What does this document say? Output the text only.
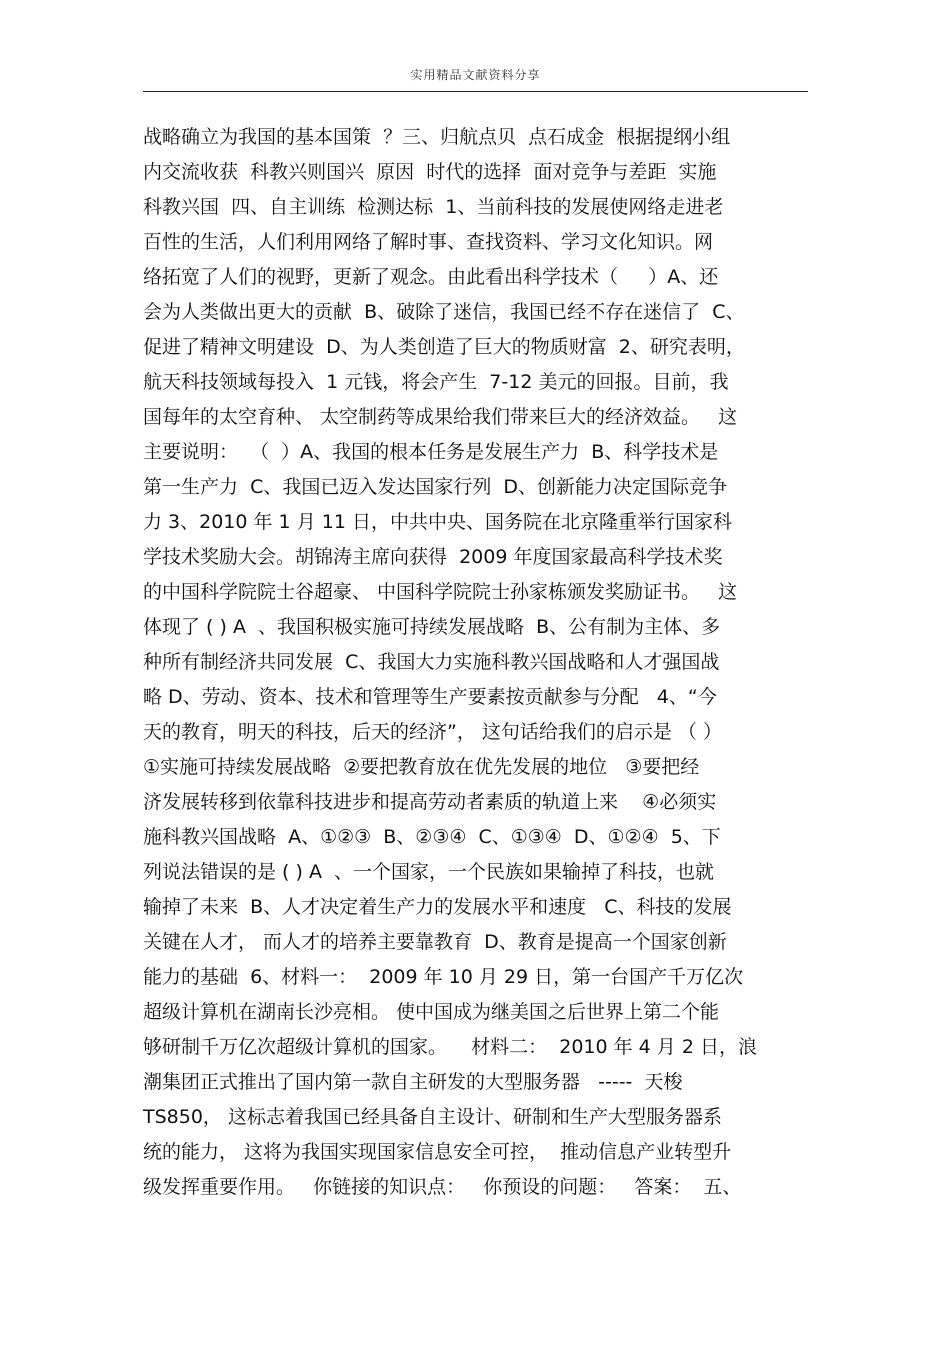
实用精品文献资料分享
战略确立为我国的基本国策  ？三、归航点贝  点石成金  根据提纲小组
内交流收获  科教兴则国兴  原因  时代的选择  面对竞争与差距  实施
科教兴国  四、自主训练  检测达标  1、当前科技的发展使网络走进老
百性的生活，人们利用网络了解时事、查找资料、学习文化知识。网
络拓宽了人们的视野，更新了观念。由此看出科学技术（     ）A、还
会为人类做出更大的贡献  B、破除了迷信，我国已经不存在迷信了  C、
促进了精神文明建设  D、为人类创造了巨大的物质财富  2、研究表明，
航天科技领域每投入  1 元钱，将会产生  7-12 美元的回报。目前，我
国每年的太空育种、 太空制药等成果给我们带来巨大的经济效益。   这
主要说明：  （  ）A、我国的根本任务是发展生产力  B、科学技术是
第一生产力  C、我国已迈入发达国家行列  D、创新能力决定国际竞争
力 3、2010 年 1 月 11 日，中共中央、国务院在北京隆重举行国家科
学技术奖励大会。胡锦涛主席向获得  2009 年度国家最高科学技术奖
的中国科学院院士谷超豪、 中国科学院院士孙家栋颁发奖励证书。   这
体现了 ( ) A  、我国积极实施可持续发展战略  B、公有制为主体、多
种所有制经济共同发展  C、我国大力实施科教兴国战略和人才强国战
略 D、劳动、资本、技术和管理等生产要素按贡献参与分配   4、“今
天的教育，明天的科技，后天的经济”， 这句话给我们的启示是 （ ）
①实施可持续发展战略  ②要把教育放在优先发展的地位   ③要把经
济发展转移到依靠科技进步和提高劳动者素质的轨道上来    ④必须实
施科教兴国战略  A、①②③  B、②③④  C、①③④  D、①②④  5、下
列说法错误的是 ( ) A  、一个国家，一个民族如果输掉了科技，也就
输掉了未来  B、人才决定着生产力的发展水平和速度   C、科技的发展
关键在人才， 而人才的培养主要靠教育  D、教育是提高一个国家创新
能力的基础  6、材料一：  2009 年 10 月 29 日，第一台国产千万亿次
超级计算机在湖南长沙亮相。 使中国成为继美国之后世界上第二个能
够研制千万亿次超级计算机的国家。    材料二：  2010 年 4 月 2 日，浪
潮集团正式推出了国内第一款自主研发的大型服务器   -----  天梭
TS850， 这标志着我国已经具备自主设计、研制和生产大型服务器系
统的能力， 这将为我国实现国家信息安全可控，  推动信息产业转型升
级发挥重要作用。   你链接的知识点：   你预设的问题：   答案：  五、
